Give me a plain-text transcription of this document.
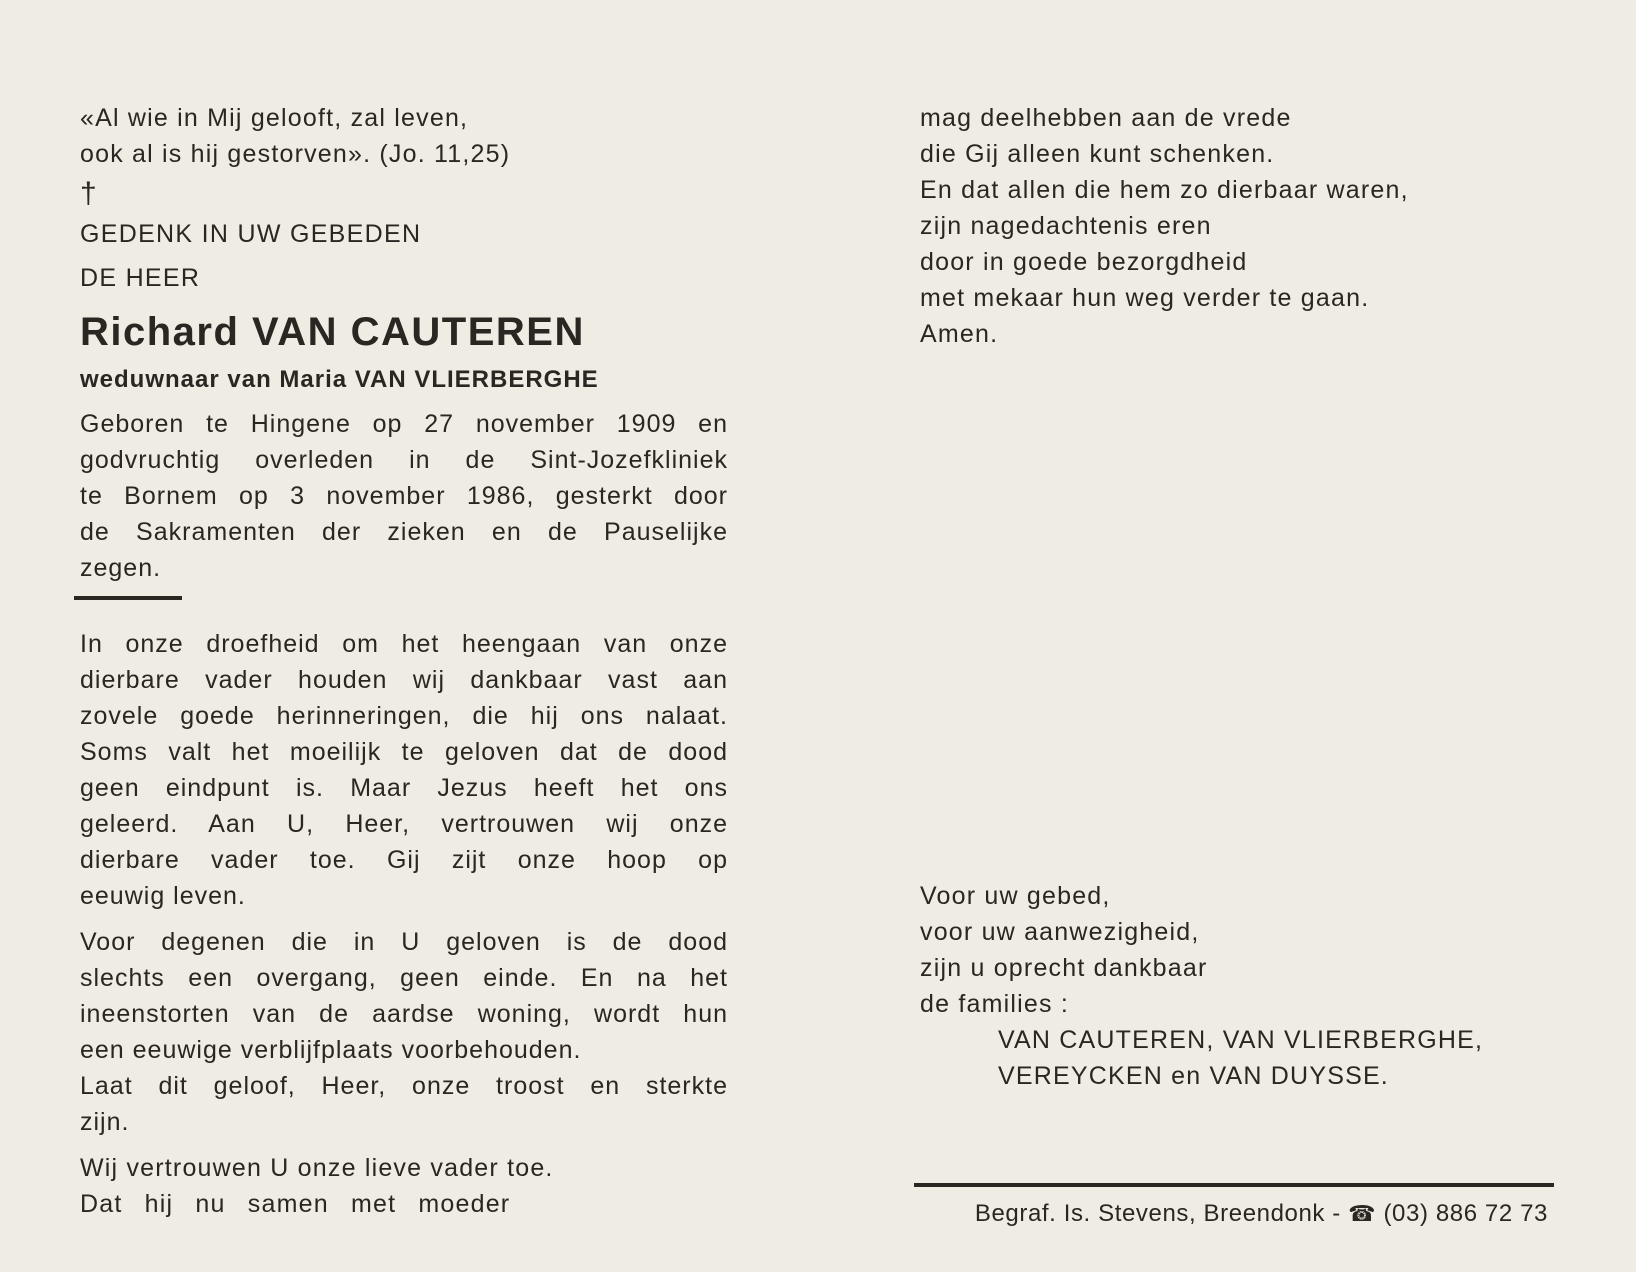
«Al wie in Mij gelooft, zal leven,
ook al is hij gestorven». (Jo. 11,25)
†
GEDENK IN UW GEBEDEN
DE HEER
Richard VAN CAUTEREN
weduwnaar van Maria VAN VLIERBERGHE
Geboren te Hingene op 27 november 1909 en
godvruchtig overleden in de Sint-Jozefkliniek
te Bornem op 3 november 1986, gesterkt door
de Sakramenten der zieken en de Pauselijke
zegen.
In onze droefheid om het heengaan van onze
dierbare vader houden wij dankbaar vast aan
zovele goede herinneringen, die hij ons nalaat.
Soms valt het moeilijk te geloven dat de dood
geen eindpunt is. Maar Jezus heeft het ons
geleerd. Aan U, Heer, vertrouwen wij onze
dierbare vader toe. Gij zijt onze hoop op
eeuwig leven.
Voor degenen die in U geloven is de dood
slechts een overgang, geen einde. En na het
ineenstorten van de aardse woning, wordt hun
een eeuwige verblijfplaats voorbehouden.
Laat dit geloof, Heer, onze troost en sterkte
zijn.
Wij vertrouwen U onze lieve vader toe.
Dat hij nu samen met moeder
mag deelhebben aan de vrede
die Gij alleen kunt schenken.
En dat allen die hem zo dierbaar waren,
zijn nagedachtenis eren
door in goede bezorgdheid
met mekaar hun weg verder te gaan.
Amen.
Voor uw gebed,
voor uw aanwezigheid,
zijn u oprecht dankbaar
de families :
VAN CAUTEREN, VAN VLIERBERGHE,
VEREYCKEN en VAN DUYSSE.
Begraf. Is. Stevens, Breendonk - ☎ (03) 886 72 73
